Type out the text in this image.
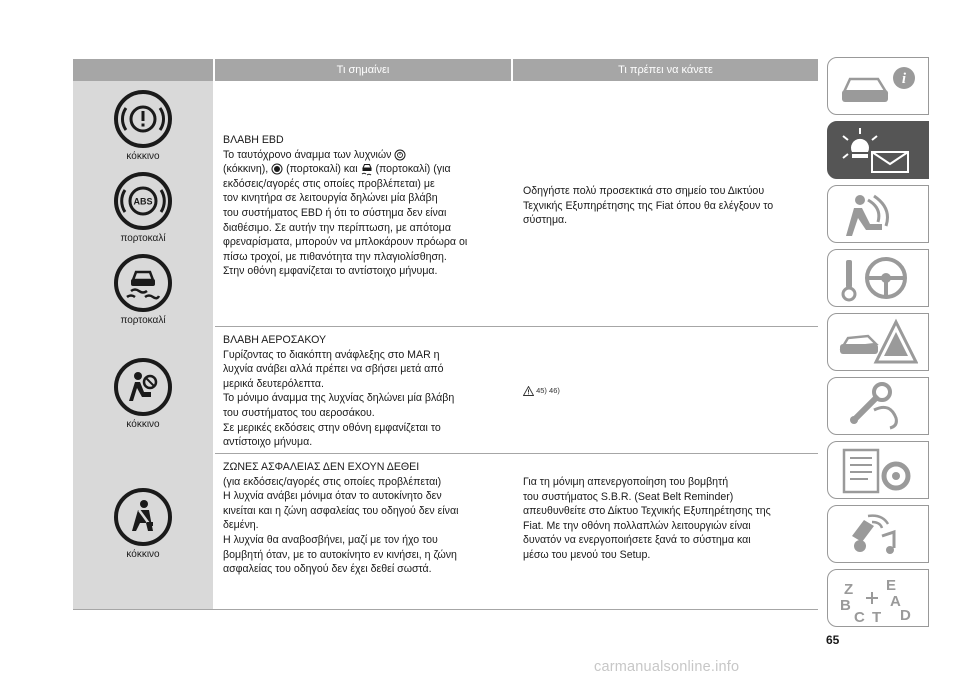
Τι σημαίνει	Τι πρέπει να κάνετε
κόκκινο
ABS
πορτοκαλί
πορτοκαλί
ΒΛΑΒΗ EBD
Το ταυτόχρονο άναμμα των λυχνιών
(κόκκινη), (πορτοκαλί) και (πορτοκαλί) (για
εκδόσεις/αγορές στις οποίες προβλέπεται) με
τον κινητήρα σε λειτουργία δηλώνει μία βλάβη
του συστήματος EBD ή ότι το σύστημα δεν είναι
διαθέσιμο. Σε αυτήν την περίπτωση, με απότομα
φρεναρίσματα, μπορούν να μπλοκάρουν πρόωρα οι
πίσω τροχοί, με πιθανότητα την πλαγιολίσθηση.
Στην οθόνη εμφανίζεται το αντίστοιχο μήνυμα.
Οδηγήστε πολύ προσεκτικά στο σημείο του Δικτύου
Τεχνικής Εξυπηρέτησης της Fiat όπου θα ελέγξουν το
σύστημα.
κόκκινο
ΒΛΑΒΗ ΑΕΡΟΣΑΚΟΥ
Γυρίζοντας το διακόπτη ανάφλεξης στο MAR η
λυχνία ανάβει αλλά πρέπει να σβήσει μετά από
μερικά δευτερόλεπτα.
Το μόνιμο άναμμα της λυχνίας δηλώνει μία βλάβη
του συστήματος του αεροσάκου.
Σε μερικές εκδόσεις στην οθόνη εμφανίζεται το
αντίστοιχο μήνυμα.
45) 46)
κόκκινο
ΖΩΝΕΣ ΑΣΦΑΛΕΙΑΣ ΔΕΝ ΕΧΟΥΝ ΔΕΘΕΙ
(για εκδόσεις/αγορές στις οποίες προβλέπεται)
Η λυχνία ανάβει μόνιμα όταν το αυτοκίνητο δεν
κινείται και η ζώνη ασφαλείας του οδηγού δεν είναι
δεμένη.
Η λυχνία θα αναβοσβήνει, μαζί με τον ήχο του
βομβητή όταν, με το αυτοκίνητο εν κινήσει, η ζώνη
ασφαλείας του οδηγού δεν έχει δεθεί σωστά.
Για τη μόνιμη απενεργοποίηση του βομβητή
του συστήματος S.B.R. (Seat Belt Reminder)
απευθυνθείτε στο Δίκτυο Τεχνικής Εξυπηρέτησης της
Fiat. Με την οθόνη πολλαπλών λειτουργιών είναι
δυνατόν να ενεργοποιήσετε ξανά το σύστημα και
μέσω του μενού του Setup.
i
Z E
B	A
C D
T
65
carmanualsonline.info
